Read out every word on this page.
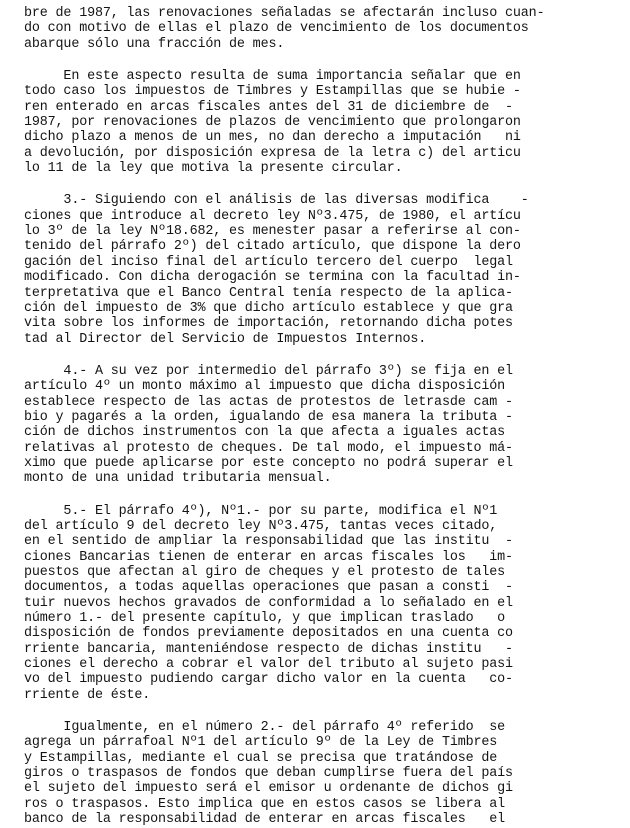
bre de 1987, las renovaciones señaladas se afectarán incluso cuan-
do con motivo de ellas el plazo de vencimiento de los documentos
abarque sólo una fracción de mes.
En este aspecto resulta de suma importancia señalar que en
todo caso los impuestos de Timbres y Estampillas que se hubie -
ren enterado en arcas fiscales antes del 31 de diciembre de  -
1987, por renovaciones de plazos de vencimiento que prolongaron
dicho plazo a menos de un mes, no dan derecho a imputación   ni
a devolución, por disposición expresa de la letra c) del articu
lo 11 de la ley que motiva la presente circular.
3.- Siguiendo con el análisis de las diversas modifica    -
ciones que introduce al decreto ley Nº3.475, de 1980, el artícu
lo 3º de la ley Nº18.682, es menester pasar a referirse al con-
tenido del párrafo 2º) del citado artículo, que dispone la dero
gación del inciso final del artículo tercero del cuerpo  legal
modificado. Con dicha derogación se termina con la facultad in-
terpretativa que el Banco Central tenía respecto de la aplica-
ción del impuesto de 3% que dicho artículo establece y que gra
vita sobre los informes de importación, retornando dicha potes
tad al Director del Servicio de Impuestos Internos.
4.- A su vez por intermedio del párrafo 3º) se fija en el
artículo 4º un monto máximo al impuesto que dicha disposición
establece respecto de las actas de protestos de letrasde cam -
bio y pagarés a la orden, igualando de esa manera la tributa -
ción de dichos instrumentos con la que afecta a iguales actas
relativas al protesto de cheques. De tal modo, el impuesto má-
ximo que puede aplicarse por este concepto no podrá superar el
monto de una unidad tributaria mensual.
5.- El párrafo 4º), Nº1.- por su parte, modifica el Nº1
del artículo 9 del decreto ley Nº3.475, tantas veces citado,
en el sentido de ampliar la responsabilidad que las institu  -
ciones Bancarias tienen de enterar en arcas fiscales los   im-
puestos que afectan al giro de cheques y el protesto de tales
documentos, a todas aquellas operaciones que pasan a consti  -
tuir nuevos hechos gravados de conformidad a lo señalado en el
número 1.- del presente capítulo, y que implican traslado   o
disposición de fondos previamente depositados en una cuenta co
rriente bancaria, manteniéndose respecto de dichas institu   -
ciones el derecho a cobrar el valor del tributo al sujeto pasi
vo del impuesto pudiendo cargar dicho valor en la cuenta   co-
rriente de éste.
Igualmente, en el número 2.- del párrafo 4º referido  se
agrega un párrafoal Nº1 del artículo 9º de la Ley de Timbres
y Estampillas, mediante el cual se precisa que tratándose de
giros o traspasos de fondos que deban cumplirse fuera del país
el sujeto del impuesto será el emisor u ordenante de dichos gi
ros o traspasos. Esto implica que en estos casos se libera al
banco de la responsabilidad de enterar en arcas fiscales   el
